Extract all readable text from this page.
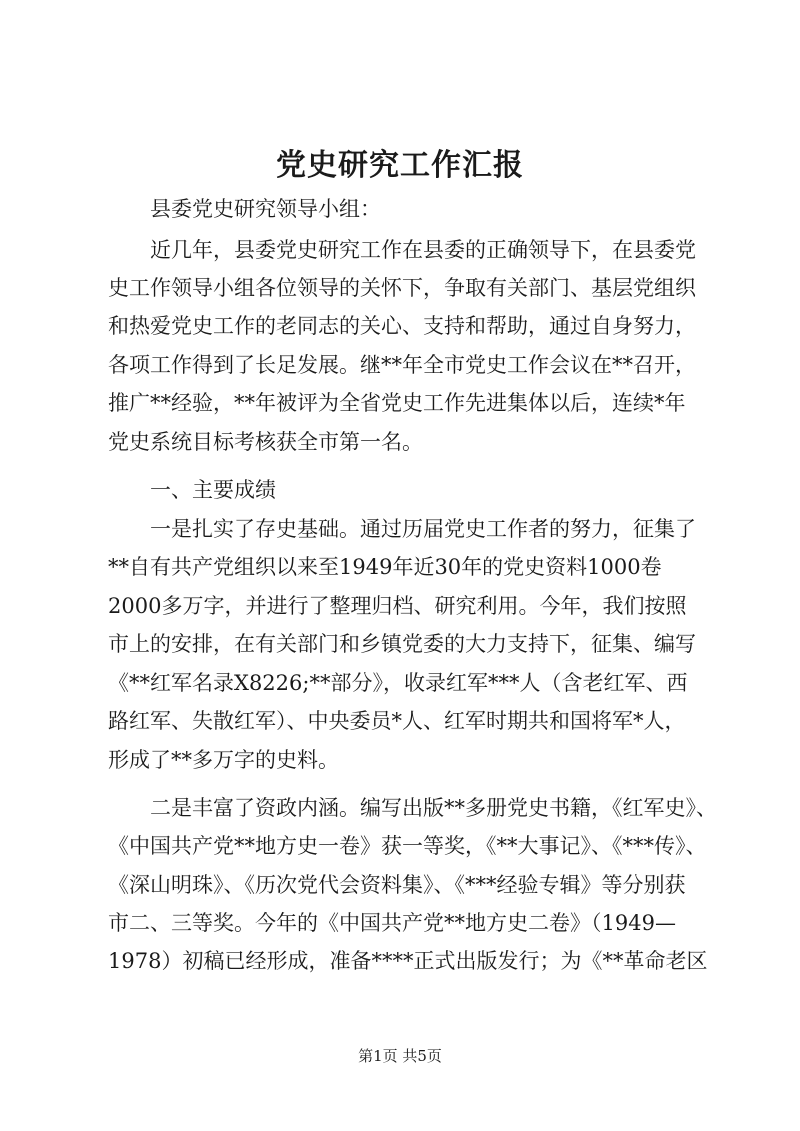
党史研究工作汇报
县委党史研究领导小组：
近几年，县委党史研究工作在县委的正确领导下，在县委党
史工作领导小组各位领导的关怀下，争取有关部门、基层党组织
和热爱党史工作的老同志的关心、支持和帮助，通过自身努力，
各项工作得到了长足发展。继**年全市党史工作会议在**召开，
推广**经验，**年被评为全省党史工作先进集体以后，连续*年
党史系统目标考核获全市第一名。
一、主要成绩
一是扎实了存史基础。通过历届党史工作者的努力，征集了
**自有共产党组织以来至1949年近30年的党史资料1000卷
2000多万字，并进行了整理归档、研究利用。今年，我们按照
市上的安排，在有关部门和乡镇党委的大力支持下，征集、编写
《**红军名录X8226;**部分》，收录红军***人（含老红军、西
路红军、失散红军）、中央委员*人、红军时期共和国将军*人，
形成了**多万字的史料。
二是丰富了资政内涵。编写出版**多册党史书籍，《红军史》、
《中国共产党**地方史一卷》获一等奖，《**大事记》、《***传》、
《深山明珠》、《历次党代会资料集》、《***经验专辑》等分别获
市二、三等奖。今年的《中国共产党**地方史二卷》（1949—
1978）初稿已经形成，准备****正式出版发行；为《**革命老区
第1页 共5页
